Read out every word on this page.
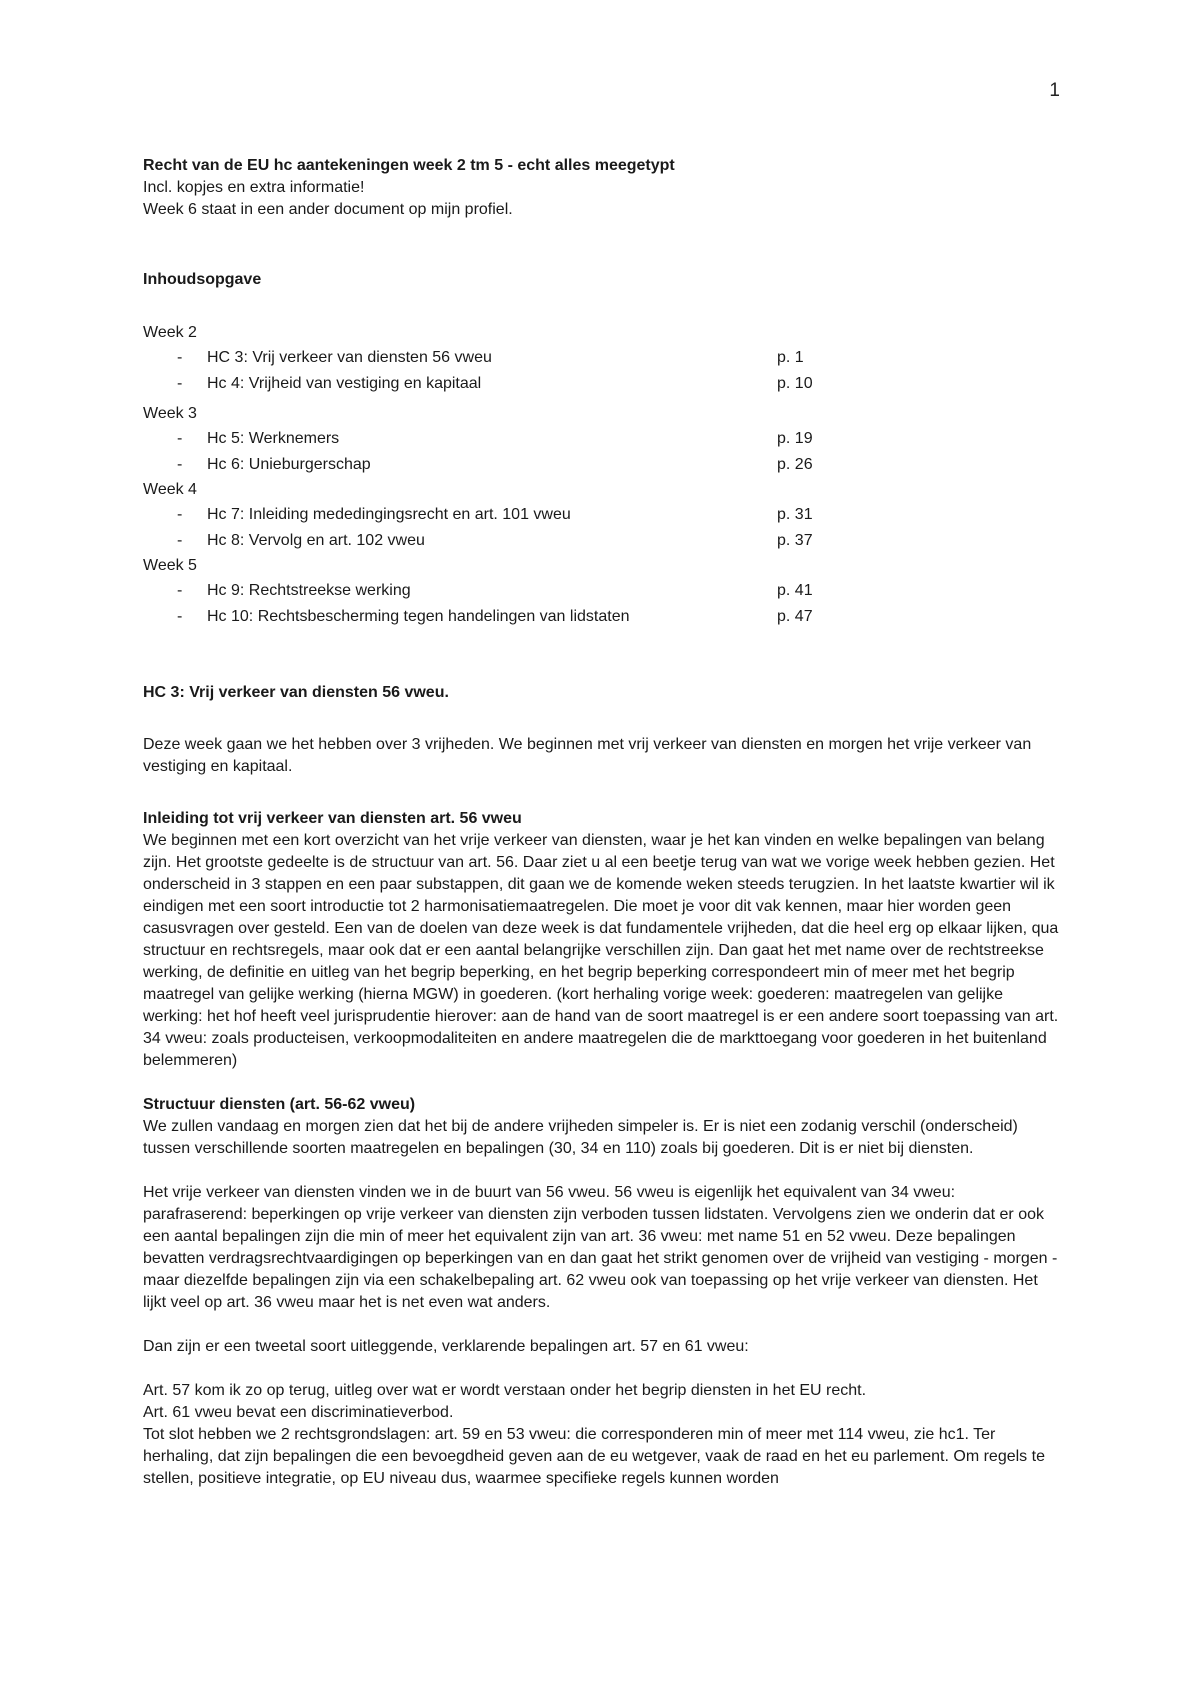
1

Recht van de EU hc aantekeningen week 2 tm 5 - echt alles meegetypt

Incl. kopjes en extra informatie!

Week 6 staat in een ander document op mijn profiel.

Inhoudsopgave

Week 2

-	HC 3: Vrij verkeer van diensten 56 vweu	p. 1
-	Hc 4: Vrijheid van vestiging en kapitaal	p. 10

Week 3

-	Hc 5: Werknemers	p. 19
-	Hc 6: Unieburgerschap	p. 26

Week 4

-	Hc 7: Inleiding mededingingsrecht en art. 101 vweu	p. 31
-	Hc 8: Vervolg en art. 102 vweu	p. 37

Week 5

-	Hc 9: Rechtstreekse werking	p. 41
-	Hc 10: Rechtsbescherming tegen handelingen van lidstaten	p. 47

HC 3: Vrij verkeer van diensten 56 vweu.

Deze week gaan we het hebben over 3 vrijheden. We beginnen met vrij verkeer van diensten en morgen het vrije verkeer van vestiging en kapitaal.

Inleiding tot vrij verkeer van diensten art. 56 vweu

We beginnen met een kort overzicht van het vrije verkeer van diensten, waar je het kan vinden en welke bepalingen van belang zijn. Het grootste gedeelte is de structuur van art. 56. Daar ziet u al een beetje terug van wat we vorige week hebben gezien. Het onderscheid in 3 stappen en een paar substappen, dit gaan we de komende weken steeds terugzien. In het laatste kwartier wil ik eindigen met een soort introductie tot 2 harmonisatiemaatregelen. Die moet je voor dit vak kennen, maar hier worden geen casusvragen over gesteld. Een van de doelen van deze week is dat fundamentele vrijheden, dat die heel erg op elkaar lijken, qua structuur en rechtsregels, maar ook dat er een aantal belangrijke verschillen zijn. Dan gaat het met name over de rechtstreekse werking, de definitie en uitleg van het begrip beperking, en het begrip beperking correspondeert min of meer met het begrip maatregel van gelijke werking (hierna MGW) in goederen. (kort herhaling vorige week: goederen: maatregelen van gelijke werking: het hof heeft veel jurisprudentie hierover: aan de hand van de soort maatregel is er een andere soort toepassing van art. 34 vweu: zoals producteisen, verkoopmodaliteiten en andere maatregelen die de markttoegang voor goederen in het buitenland belemmeren)

Structuur diensten (art. 56-62 vweu)

We zullen vandaag en morgen zien dat het bij de andere vrijheden simpeler is. Er is niet een zodanig verschil (onderscheid) tussen verschillende soorten maatregelen en bepalingen (30, 34 en 110) zoals bij goederen. Dit is er niet bij diensten.

Het vrije verkeer van diensten vinden we in de buurt van 56 vweu. 56 vweu is eigenlijk het equivalent van 34 vweu: parafraserend: beperkingen op vrije verkeer van diensten zijn verboden tussen lidstaten. Vervolgens zien we onderin dat er ook een aantal bepalingen zijn die min of meer het equivalent zijn van art. 36 vweu: met name 51 en 52 vweu. Deze bepalingen bevatten verdragsrechtvaardigingen op beperkingen van en dan gaat het strikt genomen over de vrijheid van vestiging - morgen - maar diezelfde bepalingen zijn via een schakelbepaling art. 62 vweu ook van toepassing op het vrije verkeer van diensten. Het lijkt veel op art. 36 vweu maar het is net even wat anders.

Dan zijn er een tweetal soort uitleggende, verklarende bepalingen art. 57 en 61 vweu:

Art. 57 kom ik zo op terug, uitleg over wat er wordt verstaan onder het begrip diensten in het EU recht.

Art. 61 vweu bevat een discriminatieverbod.

Tot slot hebben we 2 rechtsgrondslagen: art. 59 en 53 vweu: die corresponderen min of meer met 114 vweu, zie hc1. Ter herhaling, dat zijn bepalingen die een bevoegdheid geven aan de eu wetgever, vaak de raad en het eu parlement. Om regels te stellen, positieve integratie, op EU niveau dus, waarmee specifieke regels kunnen worden
